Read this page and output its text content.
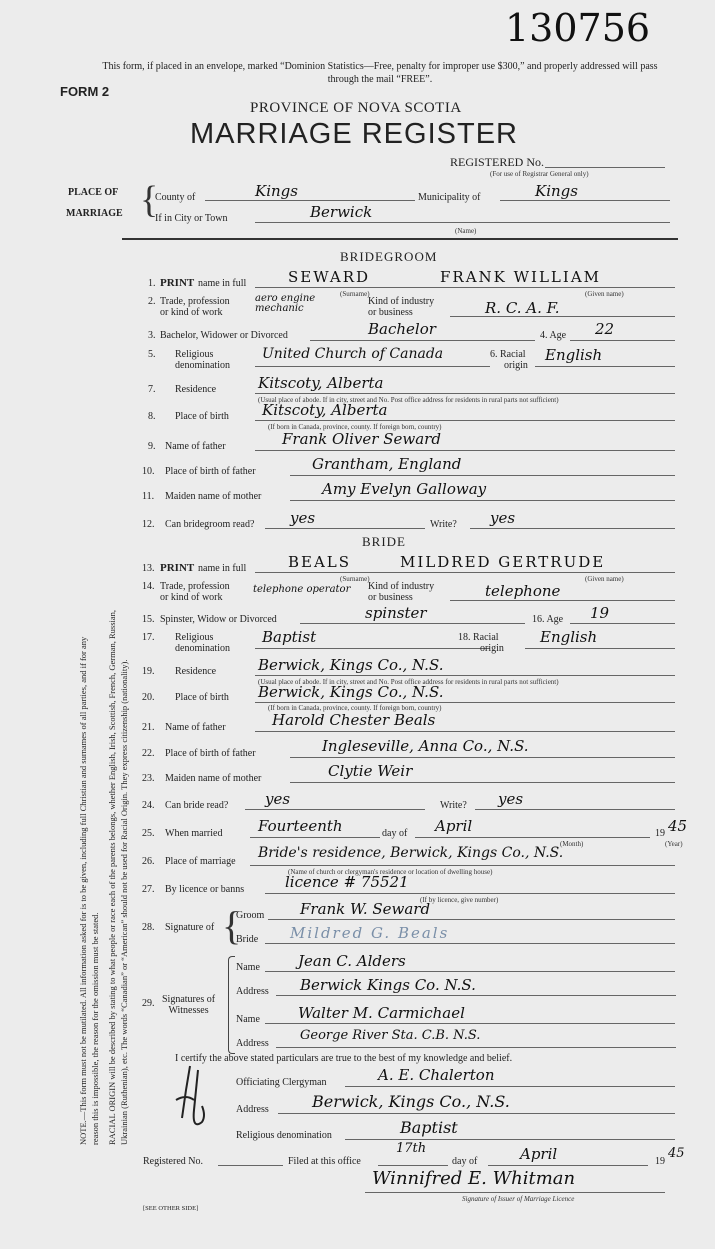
130756
This form, if placed in an envelope, marked “Dominion Statistics—Free, penalty for improper use $300,” and properly addressed will pass through the mail “FREE”.
FORM 2
PROVINCE OF NOVA SCOTIA
MARRIAGE REGISTER
REGISTERED No.
(For use of Registrar General only)
PLACE OF
MARRIAGE {
County of	Kings	Municipality of	Kings
If in City or Town	Berwick
(Name)
NOTE.—This form must not be mutilated. All information asked for is to be given, including full Christian and surnames of all parties, and if for any reason this is impossible, the reason for the omission must be stated. RACIAL ORIGIN will be described by stating to what people or race each of the parents belongs, whether English, Irish, Scottish, French, German, Russian, Ukrainian (Ruthenian), etc. The words “Canadian” or “American” should not be used for Racial Origin. They express citizenship (nationality).
BRIDEGROOM
1. PRINT name in full	SEWARD	FRANK WILLIAM
(Surname)	(Given name)
2. Trade, profession
or kind of work
aero engine mechanic
Kind of industry
or business	R. C. A. F.
3. Bachelor, Widower or Divorced	Bachelor	4. Age 22
5. Religious
denomination
United Church of Canada	6. Racial
origin
English
7. Residence	Kitscoty, Alberta
(Usual place of abode. If in city, street and No. Post office address for residents in rural parts not sufficient)
8. Place of birth Kitscoty, Alberta
(If born in Canada, province, county. If foreign born, country)
9. Name of father	Frank Oliver Seward
10. Place of birth of father	Grantham, England
11. Maiden name of mother	Amy Evelyn Galloway
12. Can bridegroom read? yes	Write? yes
BRIDE
13. PRINT name in full	BEALS	MILDRED GERTRUDE
(Surname)	(Given name)
14. Trade, profession
or kind of work
telephone operator Kind of industry
or business	telephone
15. Spinster, Widow or Divorced	spinster	16. Age 19
17. Religious
denomination
Baptist	18. Racial
origin
English
19. Residence	Berwick, Kings Co., N.S.
(Usual place of abode. If in city, street and No. Post office address for residents in rural parts not sufficient)
20. Place of birth Berwick, Kings Co., N.S.
(If born in Canada, province, county. If foreign born, country)
21. Name of father	Harold Chester Beals
22. Place of birth of father	Ingleseville, Anna Co., N.S.
23. Maiden name of mother	Clytie Weir
24. Can bride read? yes	Write? yes
25. When married Fourteenth	day of April	19 45
(Month)	(Year)
26. Place of marriage
Bride's residence, Berwick, Kings Co., N.S.
(Name of church or clergyman's residence or location of dwelling house)
27. By licence or banns	licence # 75521
(If by licence, give number)
28. Signature of {
Groom Frank W. Seward
Bride Mildred G. Beals
29. Signatures of
Witnesses
Name	Jean C. Alders
Address Berwick Kings Co. N.S.
Name	Walter M. Carmichael
Address
George River Sta. C.B. N.S.
I certify the above stated particulars are true to the best of my knowledge and belief.
Officiating Clergyman	A. E. Chalerton
Address	Berwick, Kings Co., N.S.
Religious denomination	Baptist
Registered No.	Filed at this office
17th
day of	April	19
45
Winnifred E. Whitman
Signature of Issuer of Marriage Licence
[SEE OTHER SIDE]
